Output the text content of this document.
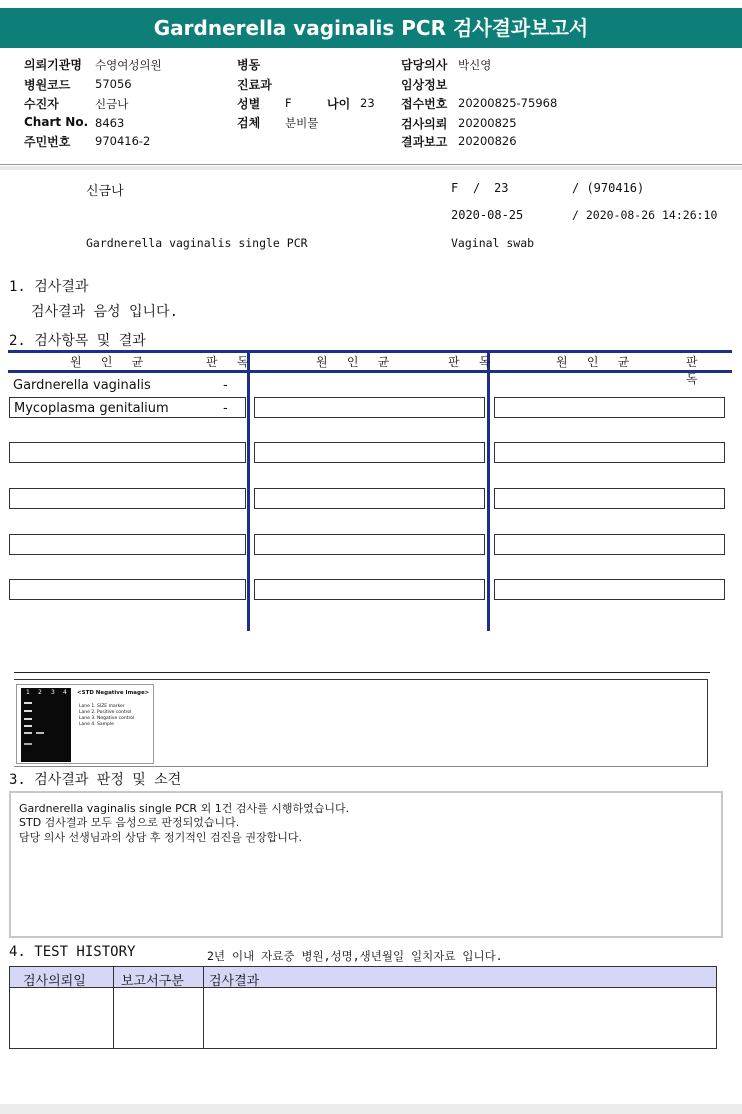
Gardnerella vaginalis PCR 검사결과보고서
의뢰기관명 수영여성의원
병원코드 57056
수진자	신금나
Chart No. 8463
주민번호 970416-2
병동
진료과
성별 F	나이 23
검체 분비물
담당의사 박신영
임상정보
접수번호 20200825-75968
검사의뢰 20200825
결과보고 20200826
신금나	F / 23	/ (970416)
2020-08-25	/ 2020-08-26 14:26:10
Gardnerella vaginalis single PCR	Vaginal swab
1. 검사결과
검사결과 음성 입니다.
2. 검사항목 및 결과
원 인 균	판 독	원 인 균	판 독	원 인 균	판 독
Gardnerella vaginalis	-
Mycoplasma genitalium	-
1 2 3 4 <STD Negative Image>
Lane 1. SIZE marker
Lane 2. Positive control
Lane 3. Negative control
Lane 4. Sample
3. 검사결과 판정 및 소견
Gardnerella vaginalis single PCR 외 1건 검사를 시행하였습니다.
STD 검사결과 모두 음성으로 판정되었습니다.
담당 의사 선생님과의 상담 후 정기적인 검진을 권장합니다.
4. TEST HISTORY	2년 이내 자료중 병원,성명,생년월일 일치자료 입니다.
검사의뢰일	보고서구분 검사결과
